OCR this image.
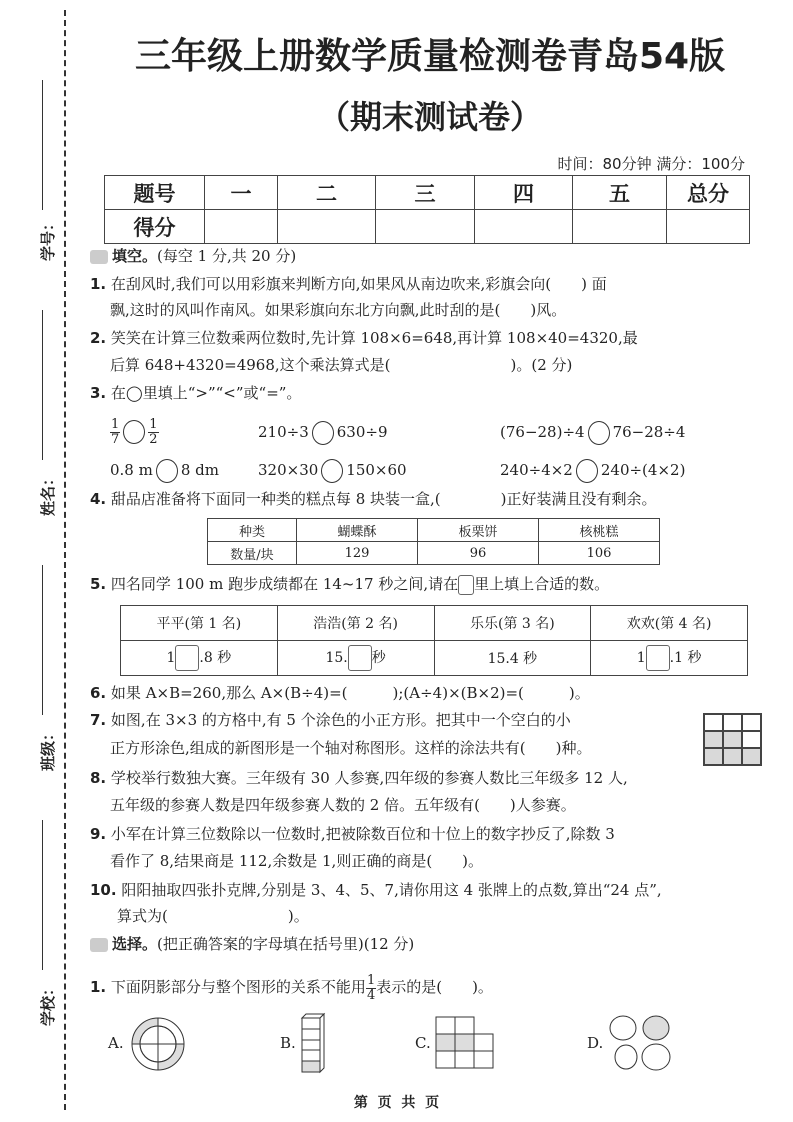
学号：
姓名：
班级：
学校：
三年级上册数学质量检测卷青岛54版
（期末测试卷）
时间：80分钟 满分：100分
题号	一	二	三	四	五	总分
得分						
填空。(每空 1 分,共 20 分)
1. 在刮风时,我们可以用彩旗来判断方向,如果风从南边吹来,彩旗会向(　　) 面
飘,这时的风叫作南风。如果彩旗向东北方向飘,此时刮的是(　　)风。
2. 笑笑在计算三位数乘两位数时,先计算 108×6=648,再计算 108×40=4320,最
后算 648+4320=4968,这个乘法算式是(　　　　　　　　)。(2 分)
3. 在◯里填上“>”“<”或“=”。
$\frac{1}{7} \frac{1}{2}$	210÷3 630÷9	(76−28)÷4 76−28÷4
0.8 m 8 dm	320×30 150×60	240÷4×2 240÷(4×2)
4. 甜品店准备将下面同一种类的糕点每 8 块装一盒,(　　　　)正好装满且没有剩余。
种类	蝴蝶酥	板栗饼	核桃糕
数量/块	129	96	106
5. 四名同学 100 m 跑步成绩都在 14~17 秒之间,请在 里上填上合适的数。
平平(第 1 名)	浩浩(第 2 名)	乐乐(第 3 名)	欢欢(第 4 名)
1 .8 秒	15. 秒	15.4 秒	1 .1 秒
6. 如果 A×B=260,那么 A×(B÷4)=(　　　);(A÷4)×(B×2)=(　　　)。
7. 如图,在 3×3 的方格中,有 5 个涂色的小正方形。把其中一个空白的小
正方形涂色,组成的新图形是一个轴对称图形。这样的涂法共有(　　)种。
8. 学校举行数独大赛。三年级有 30 人参赛,四年级的参赛人数比三年级多 12 人,
五年级的参赛人数是四年级参赛人数的 2 倍。五年级有(　　)人参赛。
9. 小军在计算三位数除以一位数时,把被除数百位和十位上的数字抄反了,除数 3
看作了 8,结果商是 112,余数是 1,则正确的商是(　　)。
10. 阳阳抽取四张扑克牌,分别是 3、4、5、7,请你用这 4 张牌上的点数,算出“24 点”,
算式为(　　　　　　　　)。
选择。(把正确答案的字母填在括号里)(12 分)
1. 下面阴影部分与整个图形的关系不能用 $\frac{1}{4}$ 表示的是(　　)。
A.	B.	C.	D.
第  页  共  页
